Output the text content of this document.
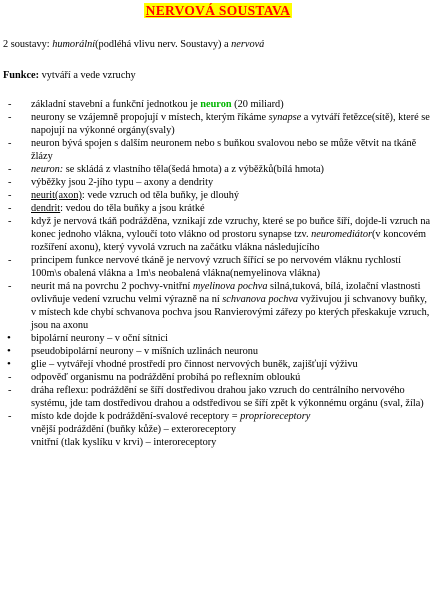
NERVOVÁ SOUSTAVA
2 soustavy: humorální(podléhá vlivu nerv. Soustavy) a nervová
Funkce: vytváří a vede vzruchy
- základní stavební a funkční jednotkou je neuron (20 miliard)
- neurony se vzájemně propojují v místech, kterým říkáme synapse a vytváří řetězce(sítě), které se napojují na výkonné orgány(svaly)
- neuron bývá spojen s dalším neuronem nebo s buňkou svalovou nebo se může větvit na tkáně žlázy
- neuron: se skládá z vlastního těla(šedá hmota) a z výběžků(bílá hmota)
- výběžky jsou 2-jího typu – axony a dendrity
- neurit(axon): vede vzruch od těla buňky, je dlouhý
- dendrit: vedou do těla buňky a jsou krátké
- když je nervová tkáň podrážděna, vznikají zde vzruchy, které se po buňce šíří, dojde-li vzruch na konec jednoho vlákna, vyloučí toto vlákno od prostoru synapse tzv. neuromediátor(v koncovém rozšíření axonu), který vyvolá vzruch na začátku vlákna následujícího
- principem funkce nervové tkáně je nervový vzruch šířící se po nervovém vláknu rychlostí 100m\s obalená vlákna a 1m\s neobalená vlákna(nemyelinova vlákna)
- neurit má na povrchu 2 pochvy-vnitřní myelinova pochva silná,tuková, bílá, izolační vlastnosti ovlivňuje vedení vzruchu velmi výrazně na ní schvanova pochva vyživujou ji schvanovy buňky, v místech kde chybí schvanova pochva jsou Ranvierovými zářezy po kterých přeskakuje vzruch, jsou na axonu
• bipolární neurony – v oční sítnici
• pseudobipolární neurony – v míšních uzlinách neuronu
• glie – vytvářejí vhodné prostředí pro činnost nervových buněk, zajišťují výživu
- odpověď organismu na podráždění probíhá po reflexním obloukú
- dráha reflexu: podráždění se šíří dostředivou drahou jako vzruch do centrálního nervového systému, jde tam dostředivou drahou a odstředivou se šíří zpět k výkonnému orgánu (sval, žíla)
- místo kde dojde k podráždění-svalové receptory = proprioreceptory
vnější podráždění (buňky kůže) – exteroreceptory
vnitřní (tlak kyslíku v krvi) – interoreceptory
